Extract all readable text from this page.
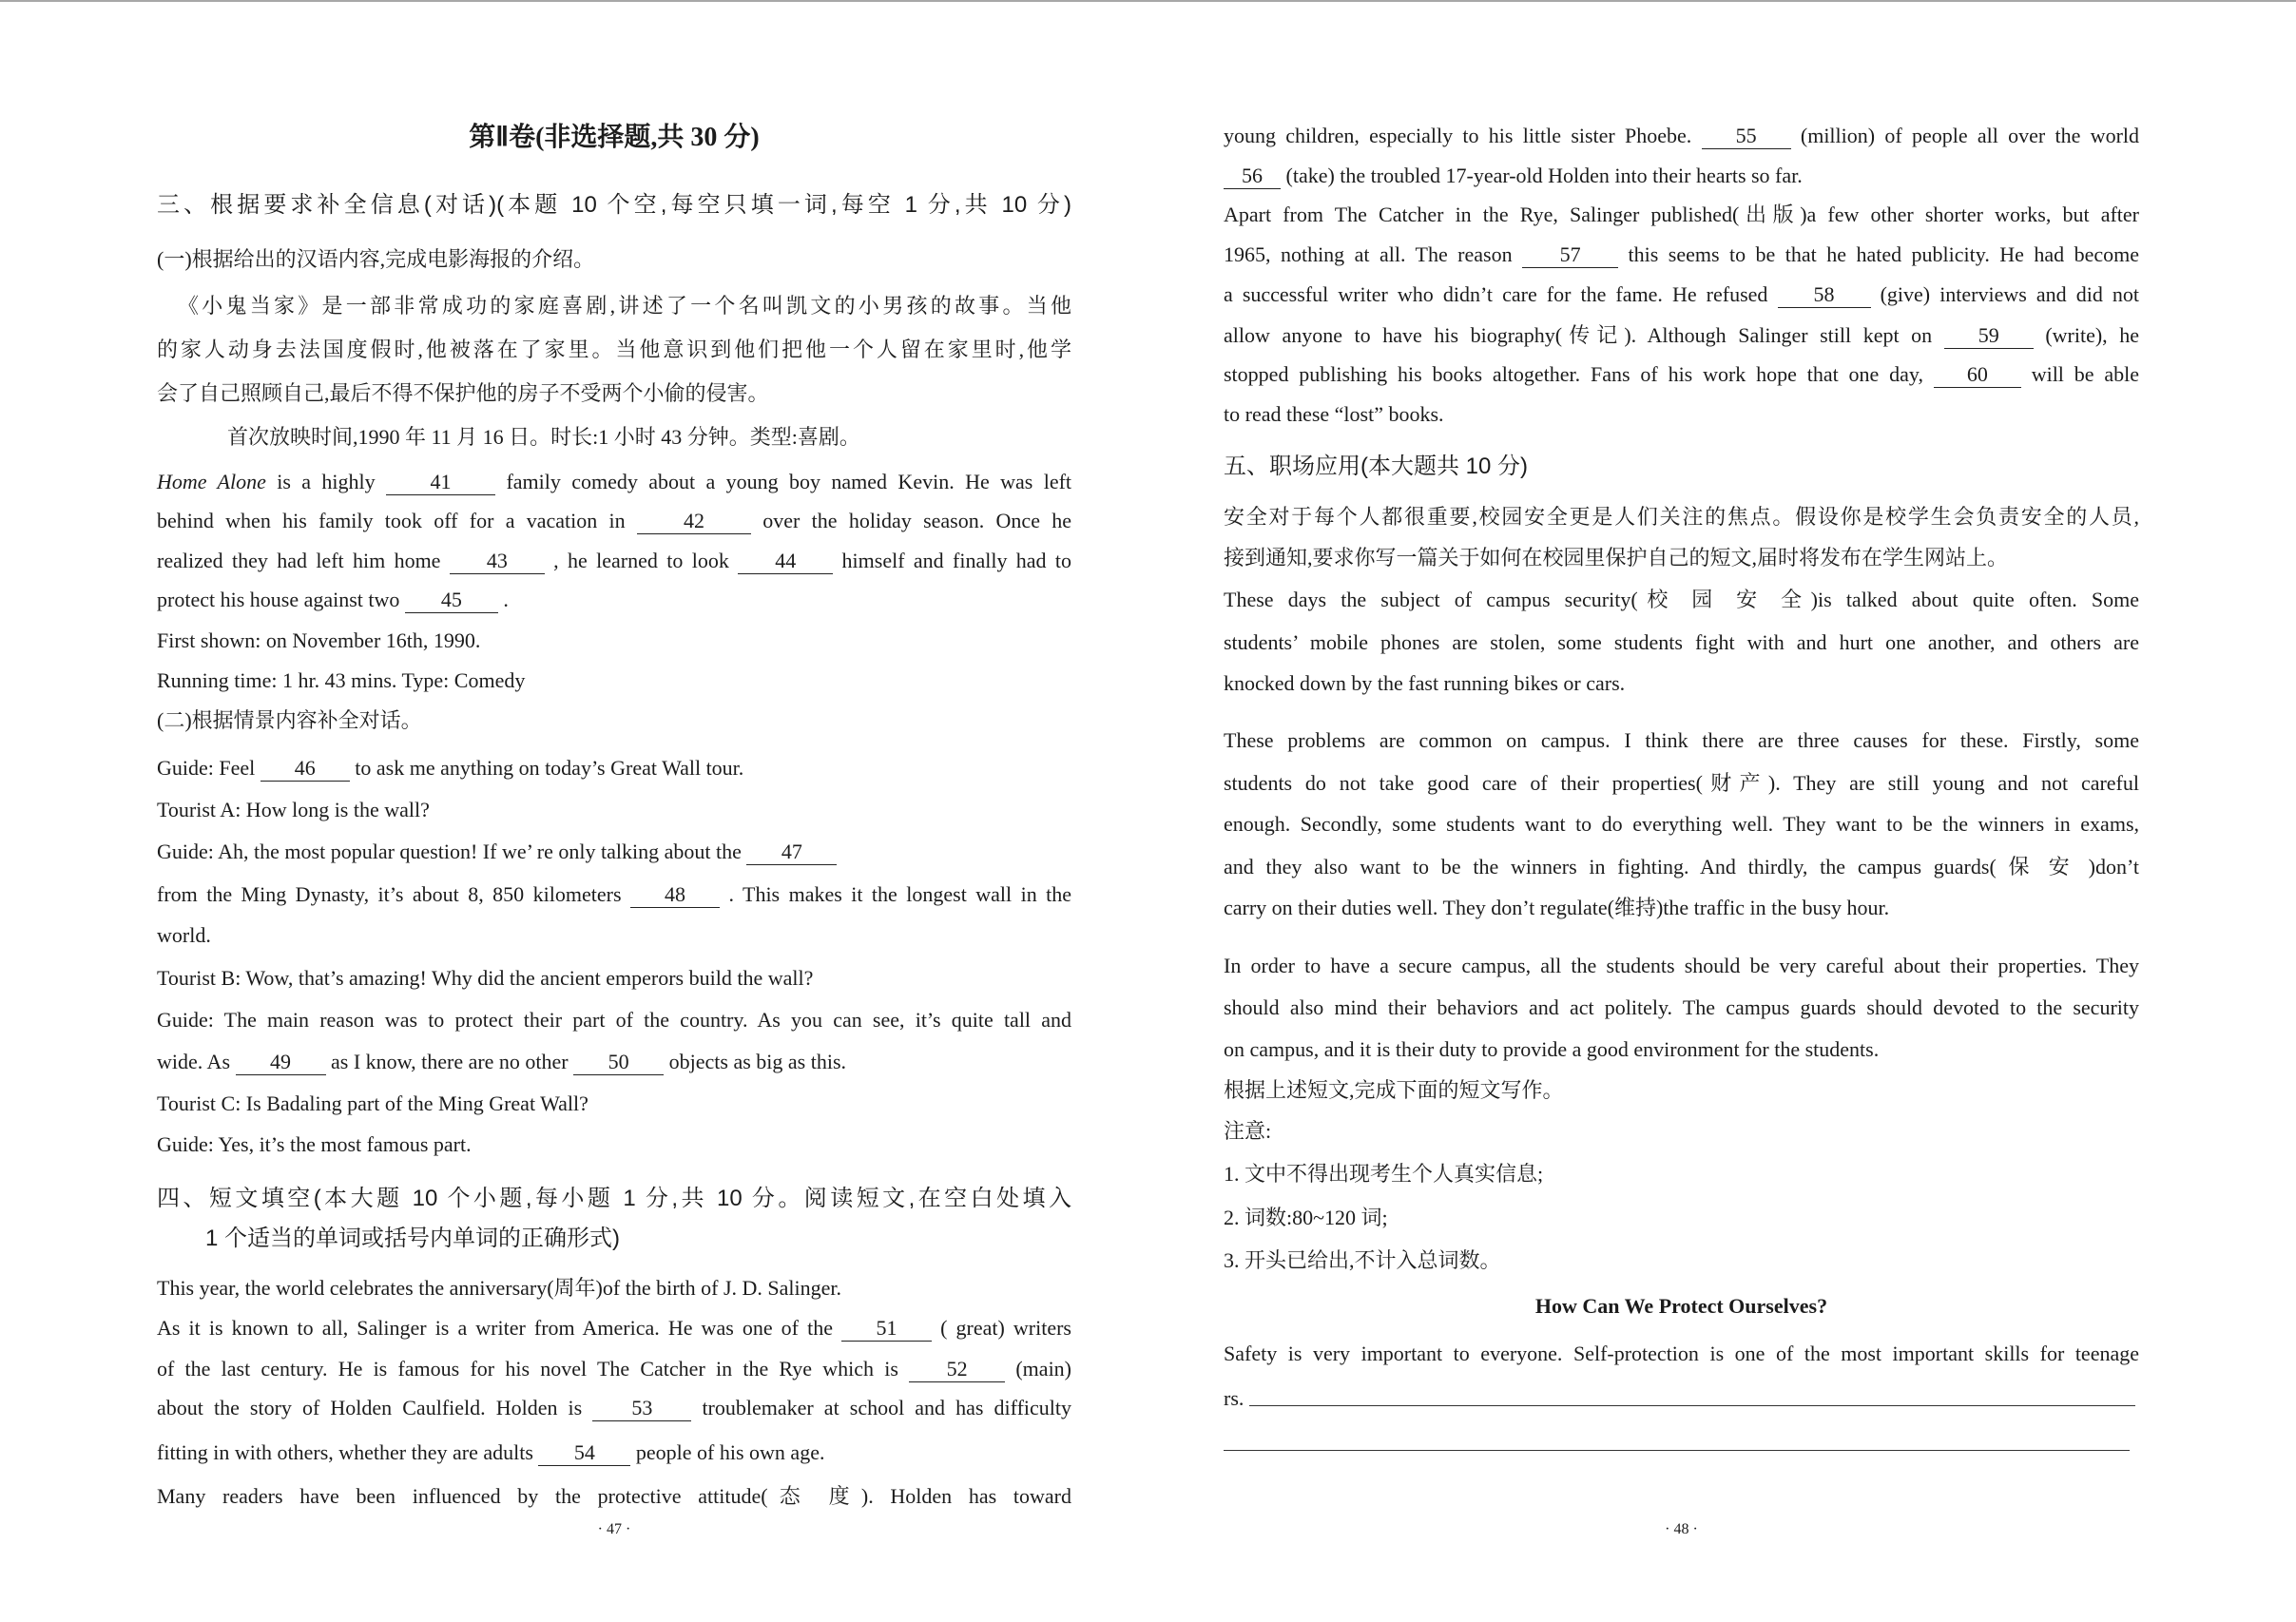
第Ⅱ卷(非选择题,共 30 分)
三、根据要求补全信息(对话)(本题 10 个空,每空只填一词,每空 1 分,共 10 分)
(一)根据给出的汉语内容,完成电影海报的介绍。
《小鬼当家》是一部非常成功的家庭喜剧,讲述了一个名叫凯文的小男孩的故事。当他
的家人动身去法国度假时,他被落在了家里。当他意识到他们把他一个人留在家里时,他学
会了自己照顾自己,最后不得不保护他的房子不受两个小偷的侵害。
首次放映时间,1990 年 11 月 16 日。时长:1 小时 43 分钟。类型:喜剧。
Home Alone is a highly	41	family comedy about a young boy named Kevin. He was left
behind when his family took off for a vacation in	42	over the holiday season. Once he
realized they had left him home 43 , he learned to look 44 himself and finally had to
protect his house against two 45 .
First shown: on November 16th, 1990.
Running time: 1 hr. 43 mins. Type: Comedy
(二)根据情景内容补全对话。
Guide: Feel 46 to ask me anything on today’s Great Wall tour.
Tourist A: How long is the wall?
Guide: Ah, the most popular question! If we’ re only talking about the 47
from the Ming Dynasty, it’s about 8, 850 kilometers 48 . This makes it the longest wall in the
world.
Tourist B: Wow, that’s amazing! Why did the ancient emperors build the wall?
Guide: The main reason was to protect their part of the country. As you can see, it’s quite tall and
wide. As 49 as I know, there are no other 50 objects as big as this.
Tourist C: Is Badaling part of the Ming Great Wall?
Guide: Yes, it’s the most famous part.
四、短文填空(本大题 10 个小题,每小题 1 分,共 10 分。阅读短文,在空白处填入
1 个适当的单词或括号内单词的正确形式)
This year, the world celebrates the anniversary(周年)of the birth of J. D. Salinger.
As it is known to all, Salinger is a writer from America. He was one of the 51 ( great) writers
of the last century. He is famous for his novel The Catcher in the Rye which is 52 (main)
about the story of Holden Caulfield. Holden is 53 troublemaker at school and has difficulty
fitting in with others, whether they are adults 54 people of his own age.
Many readers have been influenced by the protective attitude(态 度). Holden has toward
· 47 ·
young children, especially to his little sister Phoebe. 55 (million) of people all over the world
56 (take) the troubled 17-year-old Holden into their hearts so far.
Apart from The Catcher in the Rye, Salinger published(出版)a few other shorter works, but after
1965, nothing at all. The reason 57 this seems to be that he hated publicity. He had become
a successful writer who didn’t care for the fame. He refused 58 (give) interviews and did not
allow anyone to have his biography(传记). Although Salinger still kept on 59 (write), he
stopped publishing his books altogether. Fans of his work hope that one day, 60 will be able
to read these “lost” books.
五、职场应用(本大题共 10 分)
安全对于每个人都很重要,校园安全更是人们关注的焦点。假设你是校学生会负责安全的人员,
接到通知,要求你写一篇关于如何在校园里保护自己的短文,届时将发布在学生网站上。
These days the subject of campus security(校 园 安 全)is talked about quite often. Some
students’ mobile phones are stolen, some students fight with and hurt one another, and others are
knocked down by the fast running bikes or cars.
These problems are common on campus. I think there are three causes for these. Firstly, some
students do not take good care of their properties(财产). They are still young and not careful
enough. Secondly, some students want to do everything well. They want to be the winners in exams,
and they also want to be the winners in fighting. And thirdly, the campus guards( 保 安 )don’t
carry on their duties well. They don’t regulate(维持)the traffic in the busy hour.
In order to have a secure campus, all the students should be very careful about their properties. They
should also mind their behaviors and act politely. The campus guards should devoted to the security
on campus, and it is their duty to provide a good environment for the students.
根据上述短文,完成下面的短文写作。
注意:
1. 文中不得出现考生个人真实信息;
2. 词数:80~120 词;
3. 开头已给出,不计入总词数。
How Can We Protect Ourselves?
Safety is very important to everyone. Self-protection is one of the most important skills for teenage
rs.
· 48 ·
